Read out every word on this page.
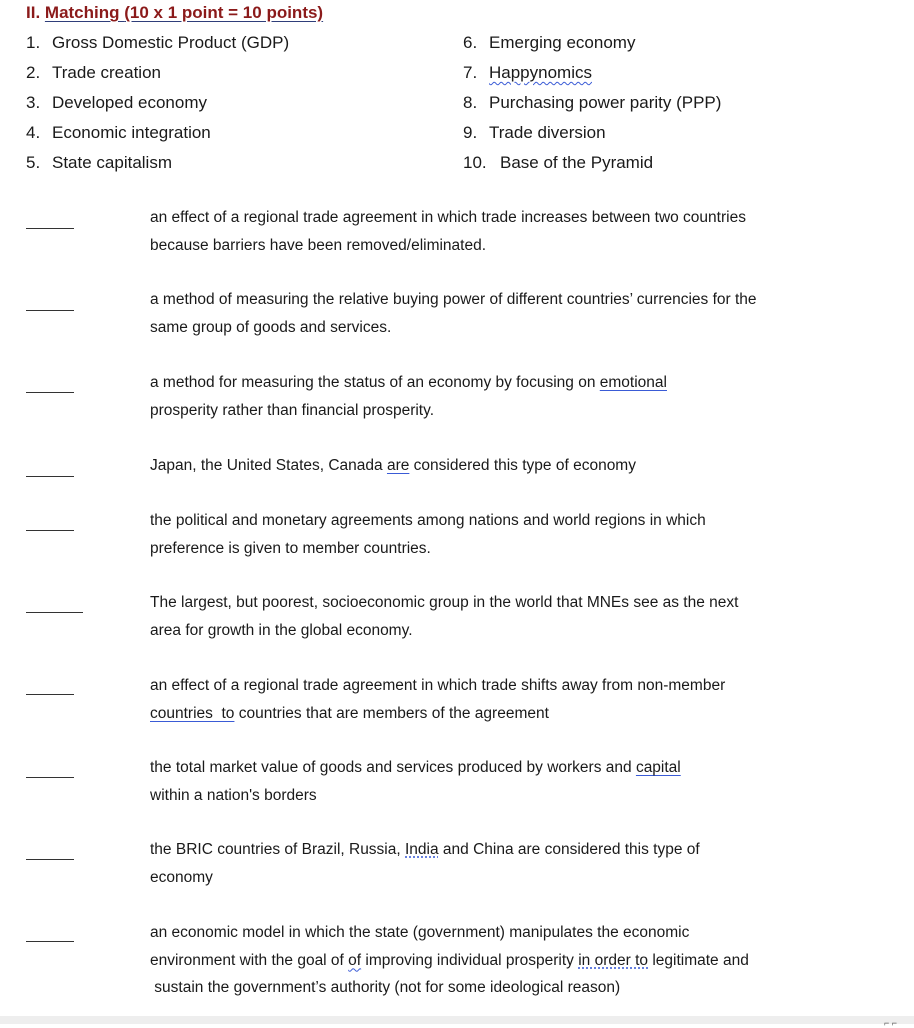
II. Matching (10 x 1 point = 10 points)
1. Gross Domestic Product (GDP)
2. Trade creation
3. Developed economy
4. Economic integration
5. State capitalism
6. Emerging economy
7. Happynomics
8. Purchasing power parity (PPP)
9. Trade diversion
10. Base of the Pyramid
an effect of a regional trade agreement in which trade increases between two countries
because barriers have been removed/eliminated.
a method of measuring the relative buying power of different countries’ currencies for the
same group of goods and services.
a method for measuring the status of an economy by focusing on emotional
prosperity rather than financial prosperity.
Japan, the United States, Canada are considered this type of economy
the political and monetary agreements among nations and world regions in which
preference is given to member countries.
The largest, but poorest, socioeconomic group in the world that MNEs see as the next
area for growth in the global economy.
an effect of a regional trade agreement in which trade shifts away from non-member
countries  to countries that are members of the agreement
the total market value of goods and services produced by workers and capital
within a nation's borders
the BRIC countries of Brazil, Russia, India and China are considered this type of
economy
an economic model in which the state (government) manipulates the economic
environment with the goal of of improving individual prosperity in order to legitimate and
sustain the government’s authority (not for some ideological reason)
⌐ ⌐
